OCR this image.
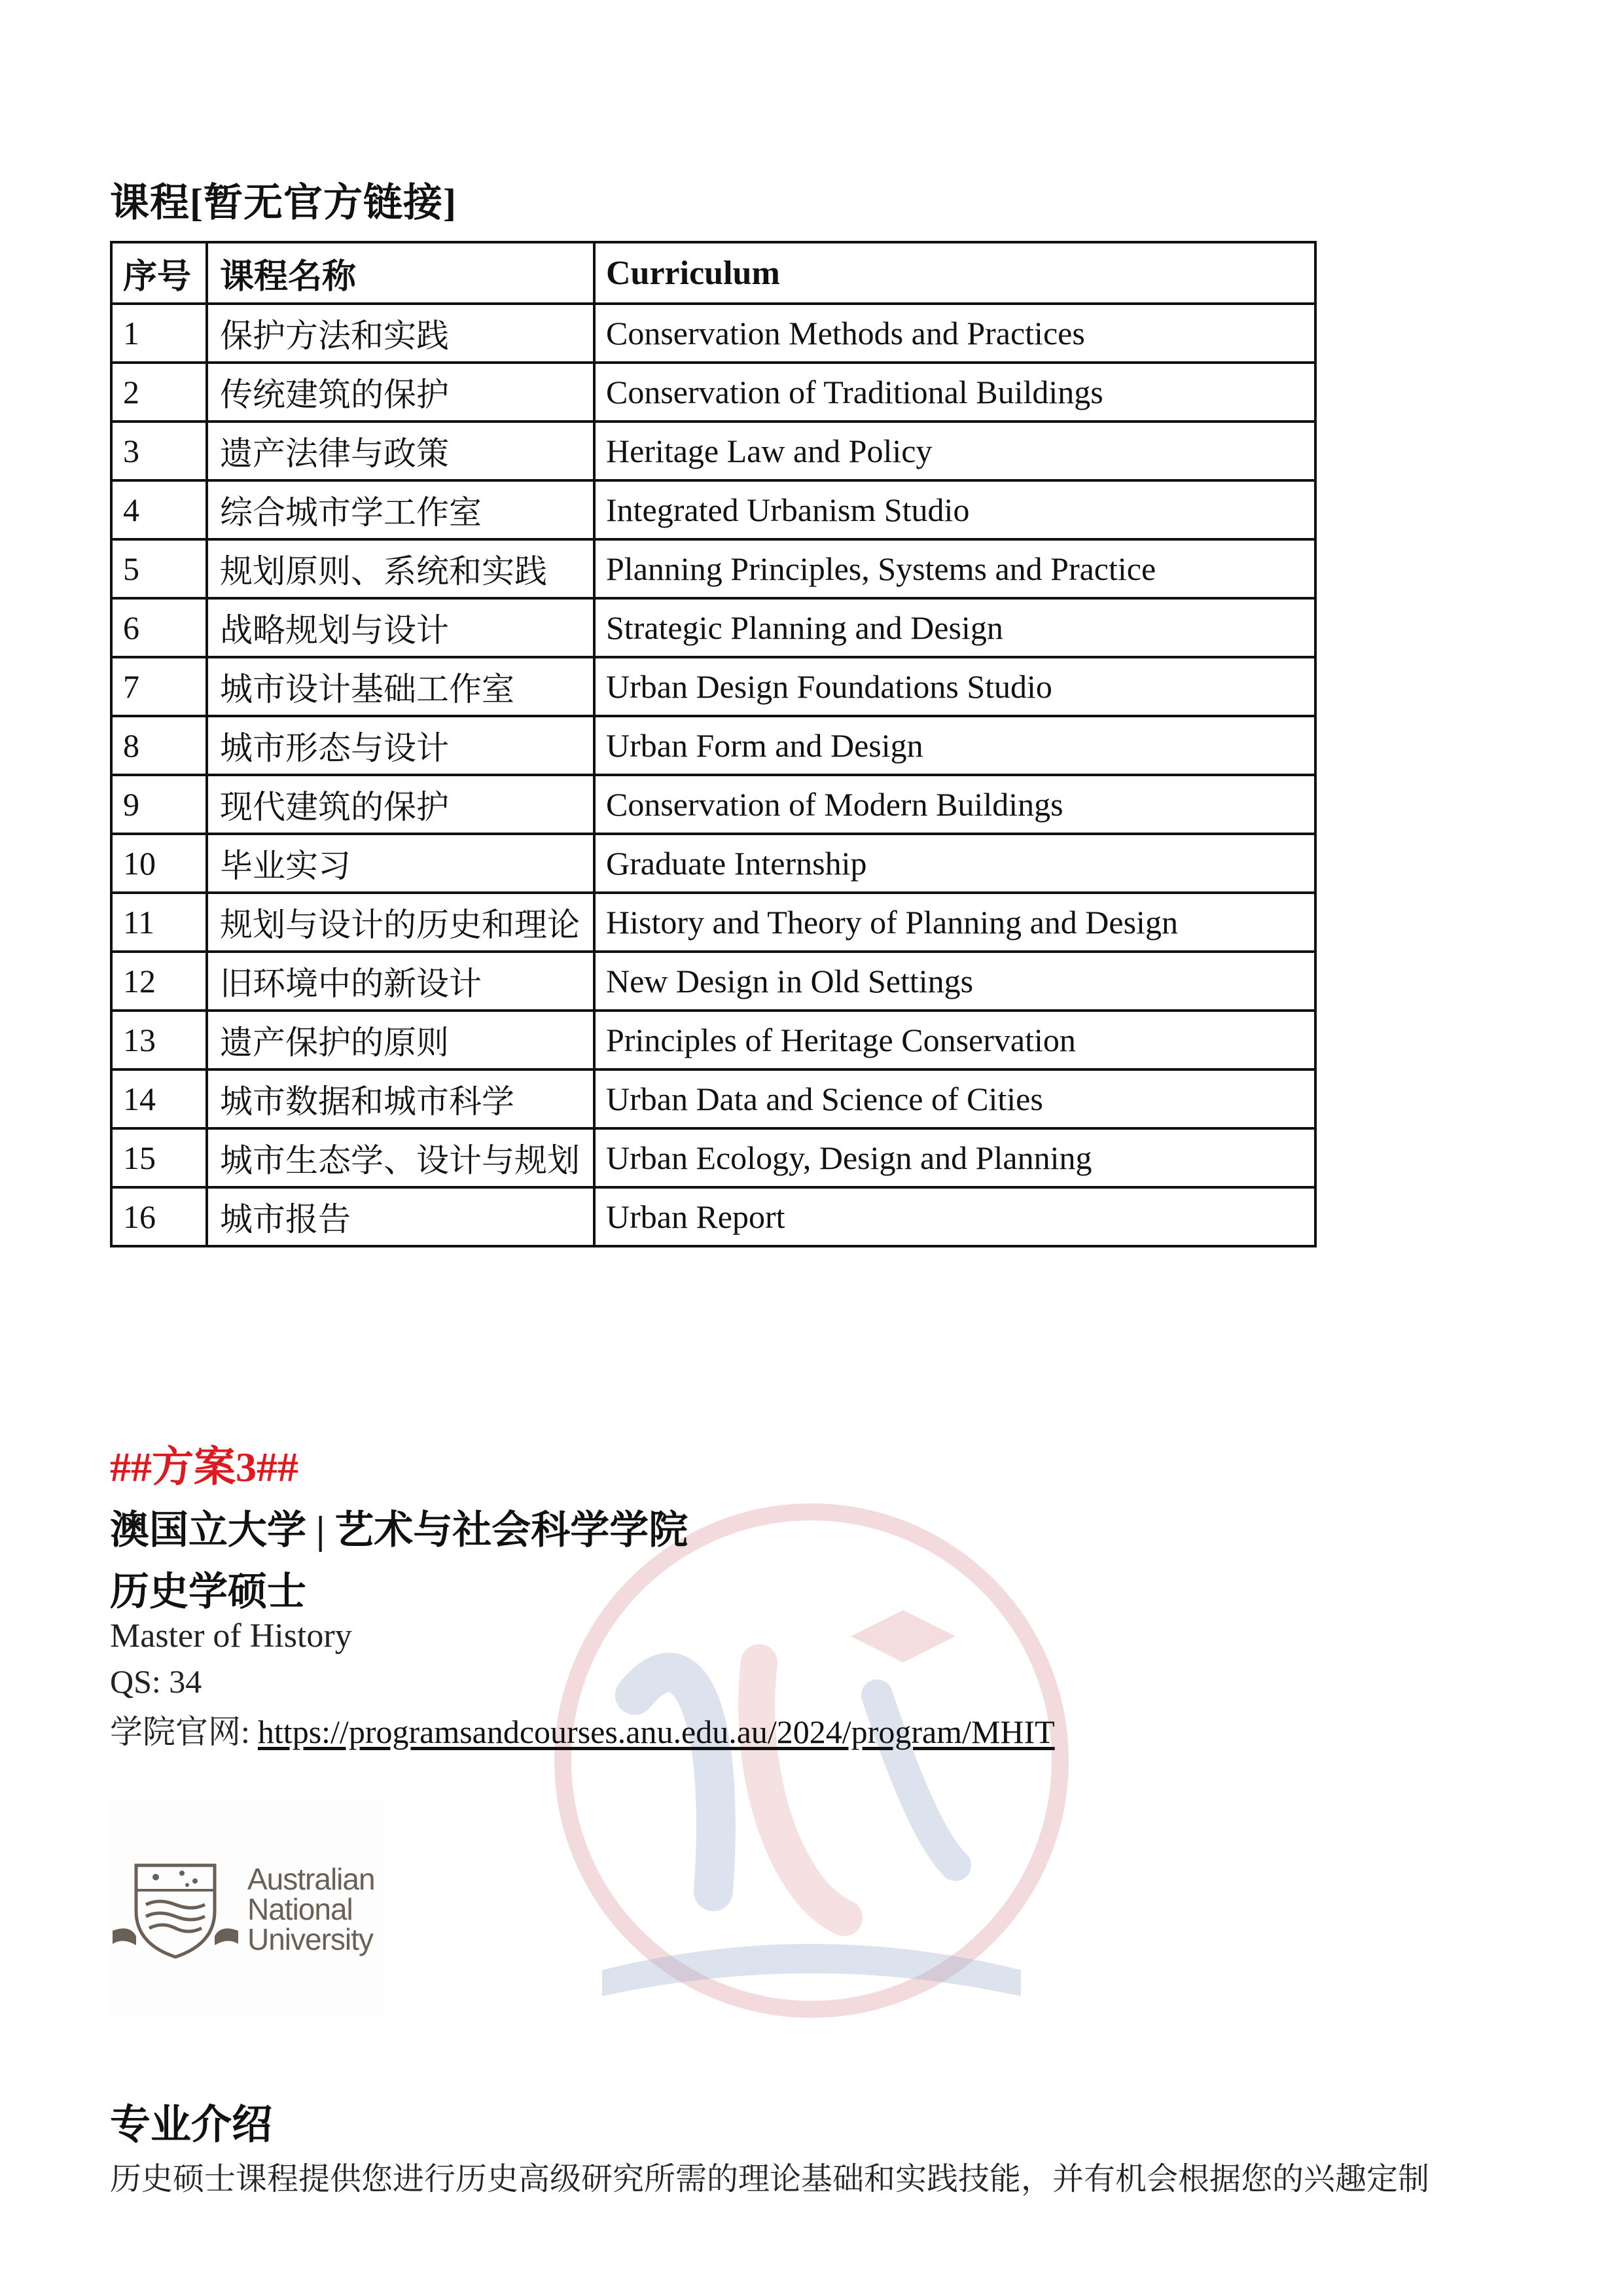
课程[暂无官方链接]
序号	课程名称	Curriculum
1	保护方法和实践	Conservation Methods and Practices
2	传统建筑的保护	Conservation of Traditional Buildings
3	遗产法律与政策	Heritage Law and Policy
4	综合城市学工作室	Integrated Urbanism Studio
5	规划原则、系统和实践	Planning Principles, Systems and Practice
6	战略规划与设计	Strategic Planning and Design
7	城市设计基础工作室	Urban Design Foundations Studio
8	城市形态与设计	Urban Form and Design
9	现代建筑的保护	Conservation of Modern Buildings
10	毕业实习	Graduate Internship
11	规划与设计的历史和理论	History and Theory of Planning and Design
12	旧环境中的新设计	New Design in Old Settings
13	遗产保护的原则	Principles of Heritage Conservation
14	城市数据和城市科学	Urban Data and Science of Cities
15	城市生态学、设计与规划	Urban Ecology, Design and Planning
16	城市报告	Urban Report

##方案3##

澳国立大学 | 艺术与社会科学学院

历史学硕士

Master of History

QS: 34

学院官网: https://programsandcourses.anu.edu.au/2024/program/MHIT

Australian
National
University
专业介绍

历史硕士课程提供您进行历史高级研究所需的理论基础和实践技能，并有机会根据您的兴趣定制
